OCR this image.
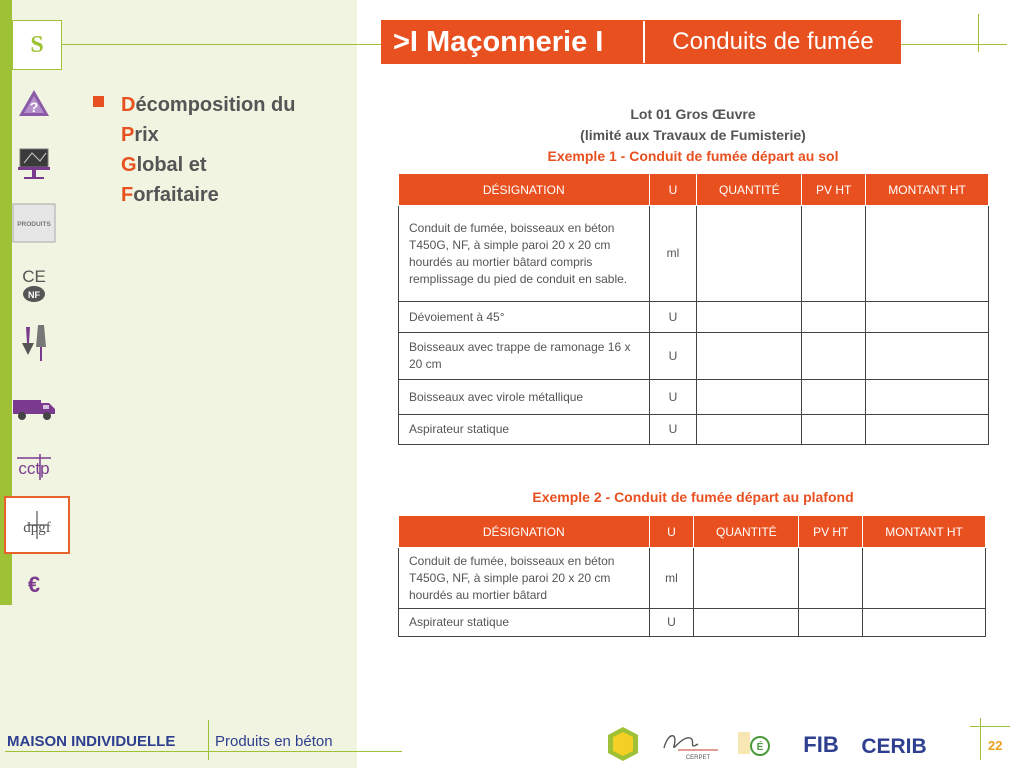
S
?
PRODUITS
CE
NF
cctp
dpgf
€
>I Maçonnerie I	Conduits de fumée
Décomposition du
Prix
Global et
Forfaitaire
Lot 01 Gros Œuvre
(limité aux Travaux de Fumisterie)
Exemple 1 - Conduit de fumée départ au sol
DÉSIGNATION	U	QUANTITÉ	PV HT	MONTANT HT
Conduit de fumée, boisseaux en béton T450G, NF, à simple paroi 20 x 20 cm hourdés au mortier bâtard compris remplissage du pied de conduit en sable.	ml			
Dévoiement à 45°	U			
Boisseaux avec trappe de ramonage 16 x 20 cm	U			
Boisseaux avec virole métallique	U			
Aspirateur statique	U			
Exemple 2 - Conduit de fumée départ au plafond
DÉSIGNATION	U	QUANTITÉ	PV HT	MONTANT HT
Conduit de fumée, boisseaux en béton T450G, NF, à simple paroi 20 x 20 cm hourdés au mortier bâtard	ml			
Aspirateur statique	U			
MAISON INDIVIDUELLE	Produits en béton
CERPET
É FIB CERIB	22
